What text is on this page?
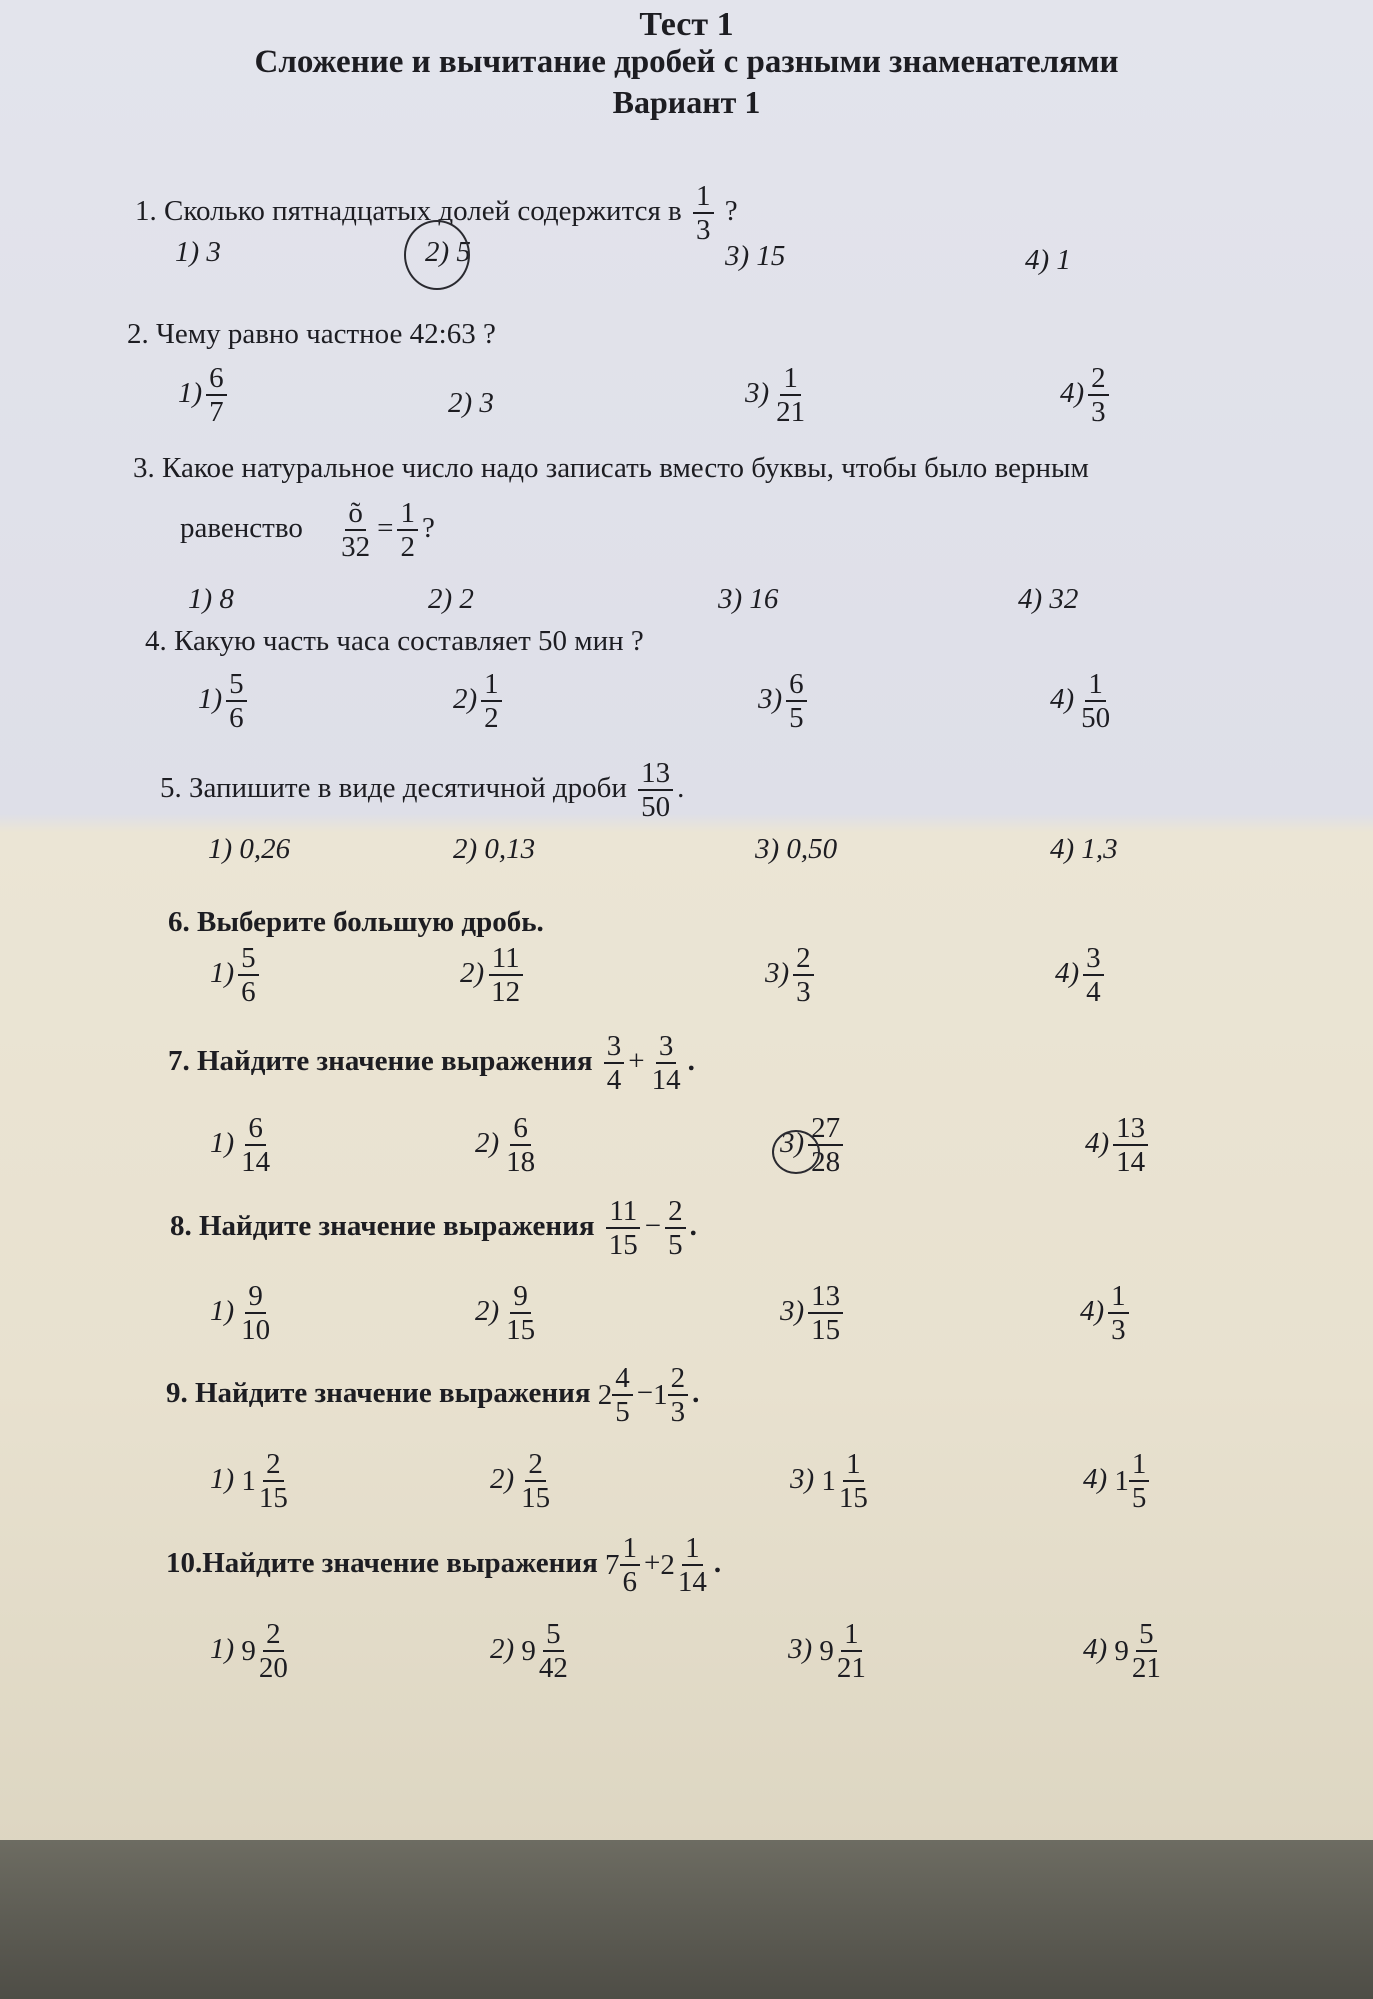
Тест 1
Сложение и вычитание дробей с разными знаменателями
Вариант 1
1. Сколько пятнадцатых долей содержится в $\frac{1}{3}$ ?
1) 3	2) 5	3) 15	4) 1
2. Чему равно частное 42:63 ?
$1) \frac{6}{7}$	2) 3	$3) \frac{1}{21}$	$4) \frac{2}{3}$
3. Какое натуральное число надо записать вместо буквы, чтобы было верным
равенство $\frac{õ}{32} = \frac{1}{2}$ ?
1) 8	2) 2	3) 16	4) 32
4. Какую часть часа составляет 50 мин ?
$1) \frac{5}{6}$	$2) \frac{1}{2}$	$3) \frac{6}{5}$	$4) \frac{1}{50}$
5. Запишите в виде десятичной дроби $\frac{13}{50}$ .
1) 0,26	2) 0,13	3) 0,50	4) 1,3
6. Выберите большую дробь.
$1) \frac{5}{6}$	$2) \frac{11}{12}$	$3) \frac{2}{3}$	$4) \frac{3}{4}$
7. Найдите значение выражения $\frac{3}{4} + \frac{3}{14}$ .
$1) \frac{6}{14}$	$2) \frac{6}{18}$	$3) \frac{27}{28}$	$4) \frac{13}{14}$
8. Найдите значение выражения $\frac{11}{15} - \frac{2}{5}$ .
$1) \frac{9}{10}$	$2) \frac{9}{15}$	$3) \frac{13}{15}$	$4) \frac{1}{3}$
9. Найдите значение выражения $2 \frac{4}{5} -1 \frac{2}{3}$ .
1) $1 \frac{2}{15}$	$2) \frac{2}{15}$	3) $1 \frac{1}{15}$	4) $1 \frac{1}{5}$
10.Найдите значение выражения $7 \frac{1}{6} +2 \frac{1}{14}$ .
1) $9 \frac{2}{20}$	2) $9 \frac{5}{42}$	3) $9 \frac{1}{21}$	4) $9 \frac{5}{21}$
